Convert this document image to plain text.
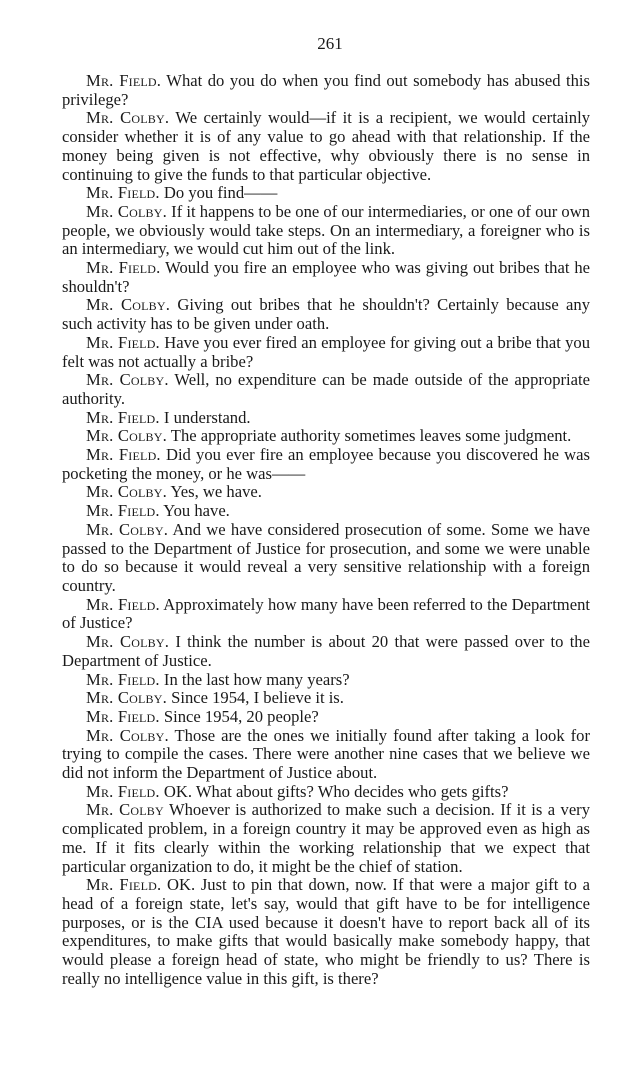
261

Mr. Field. What do you do when you find out somebody has abused this privilege?

Mr. Colby. We certainly would—if it is a recipient, we would certainly consider whether it is of any value to go ahead with that relationship. If the money being given is not effective, why obviously there is no sense in continuing to give the funds to that particular objective.

Mr. Field. Do you find——

Mr. Colby. If it happens to be one of our intermediaries, or one of our own people, we obviously would take steps. On an intermediary, a foreigner who is an intermediary, we would cut him out of the link.

Mr. Field. Would you fire an employee who was giving out bribes that he shouldn't?

Mr. Colby. Giving out bribes that he shouldn't? Certainly because any such activity has to be given under oath.

Mr. Field. Have you ever fired an employee for giving out a bribe that you felt was not actually a bribe?

Mr. Colby. Well, no expenditure can be made outside of the appropriate authority.

Mr. Field. I understand.

Mr. Colby. The appropriate authority sometimes leaves some judgment.

Mr. Field. Did you ever fire an employee because you discovered he was pocketing the money, or he was——

Mr. Colby. Yes, we have.

Mr. Field. You have.

Mr. Colby. And we have considered prosecution of some. Some we have passed to the Department of Justice for prosecution, and some we were unable to do so because it would reveal a very sensitive relationship with a foreign country.

Mr. Field. Approximately how many have been referred to the Department of Justice?

Mr. Colby. I think the number is about 20 that were passed over to the Department of Justice.

Mr. Field. In the last how many years?

Mr. Colby. Since 1954, I believe it is.

Mr. Field. Since 1954, 20 people?

Mr. Colby. Those are the ones we initially found after taking a look for trying to compile the cases. There were another nine cases that we believe we did not inform the Department of Justice about.

Mr. Field. OK. What about gifts? Who decides who gets gifts?

Mr. Colby Whoever is authorized to make such a decision. If it is a very complicated problem, in a foreign country it may be approved even as high as me. If it fits clearly within the working relationship that we expect that particular organization to do, it might be the chief of station.

Mr. Field. OK. Just to pin that down, now. If that were a major gift to a head of a foreign state, let's say, would that gift have to be for intelligence purposes, or is the CIA used because it doesn't have to report back all of its expenditures, to make gifts that would basically make somebody happy, that would please a foreign head of state, who might be friendly to us? There is really no intelligence value in this gift, is there?
